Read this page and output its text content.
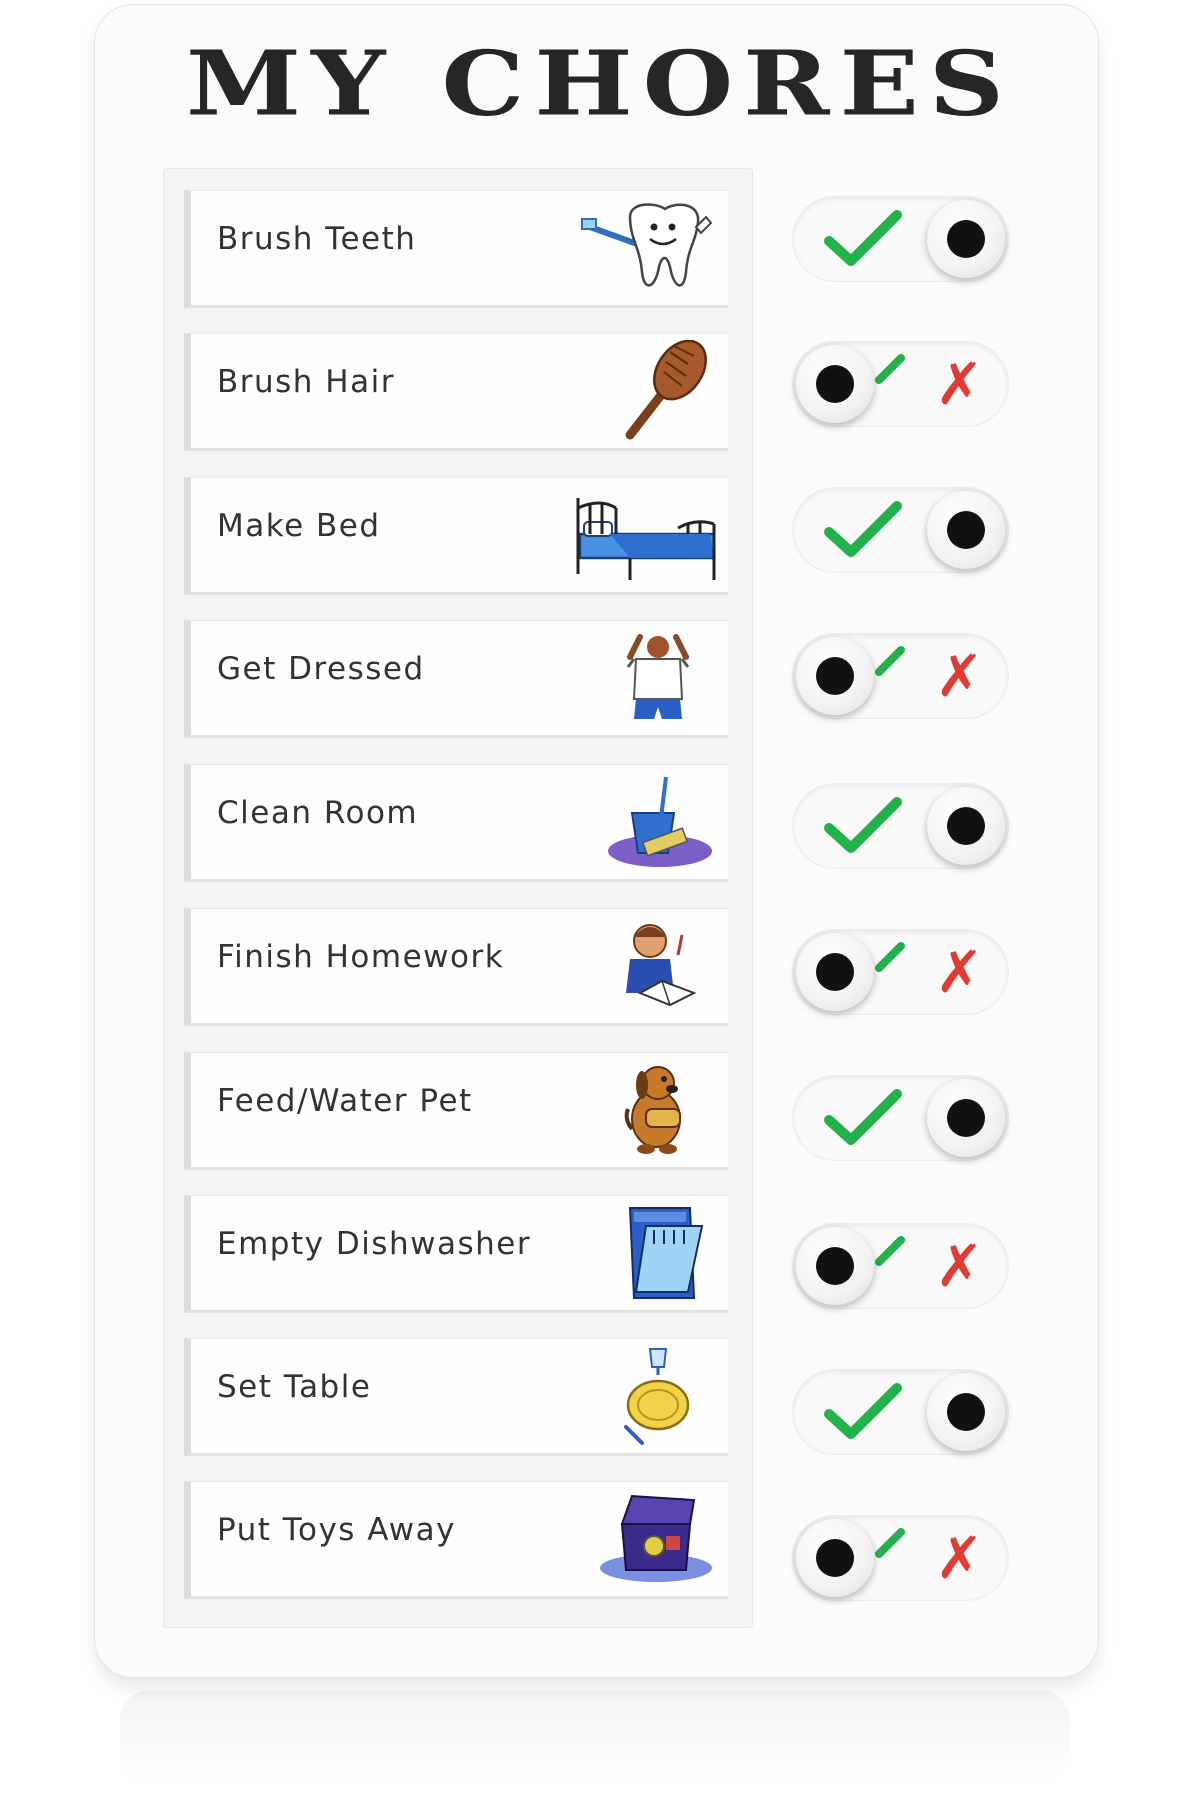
MY CHORES
Brush Teeth
Brush Hair	✗
Make Bed
Get Dressed	✗
Clean Room
Finish Homework	✗
Feed/Water Pet
Empty Dishwasher	✗
Set Table
Put Toys Away	✗
